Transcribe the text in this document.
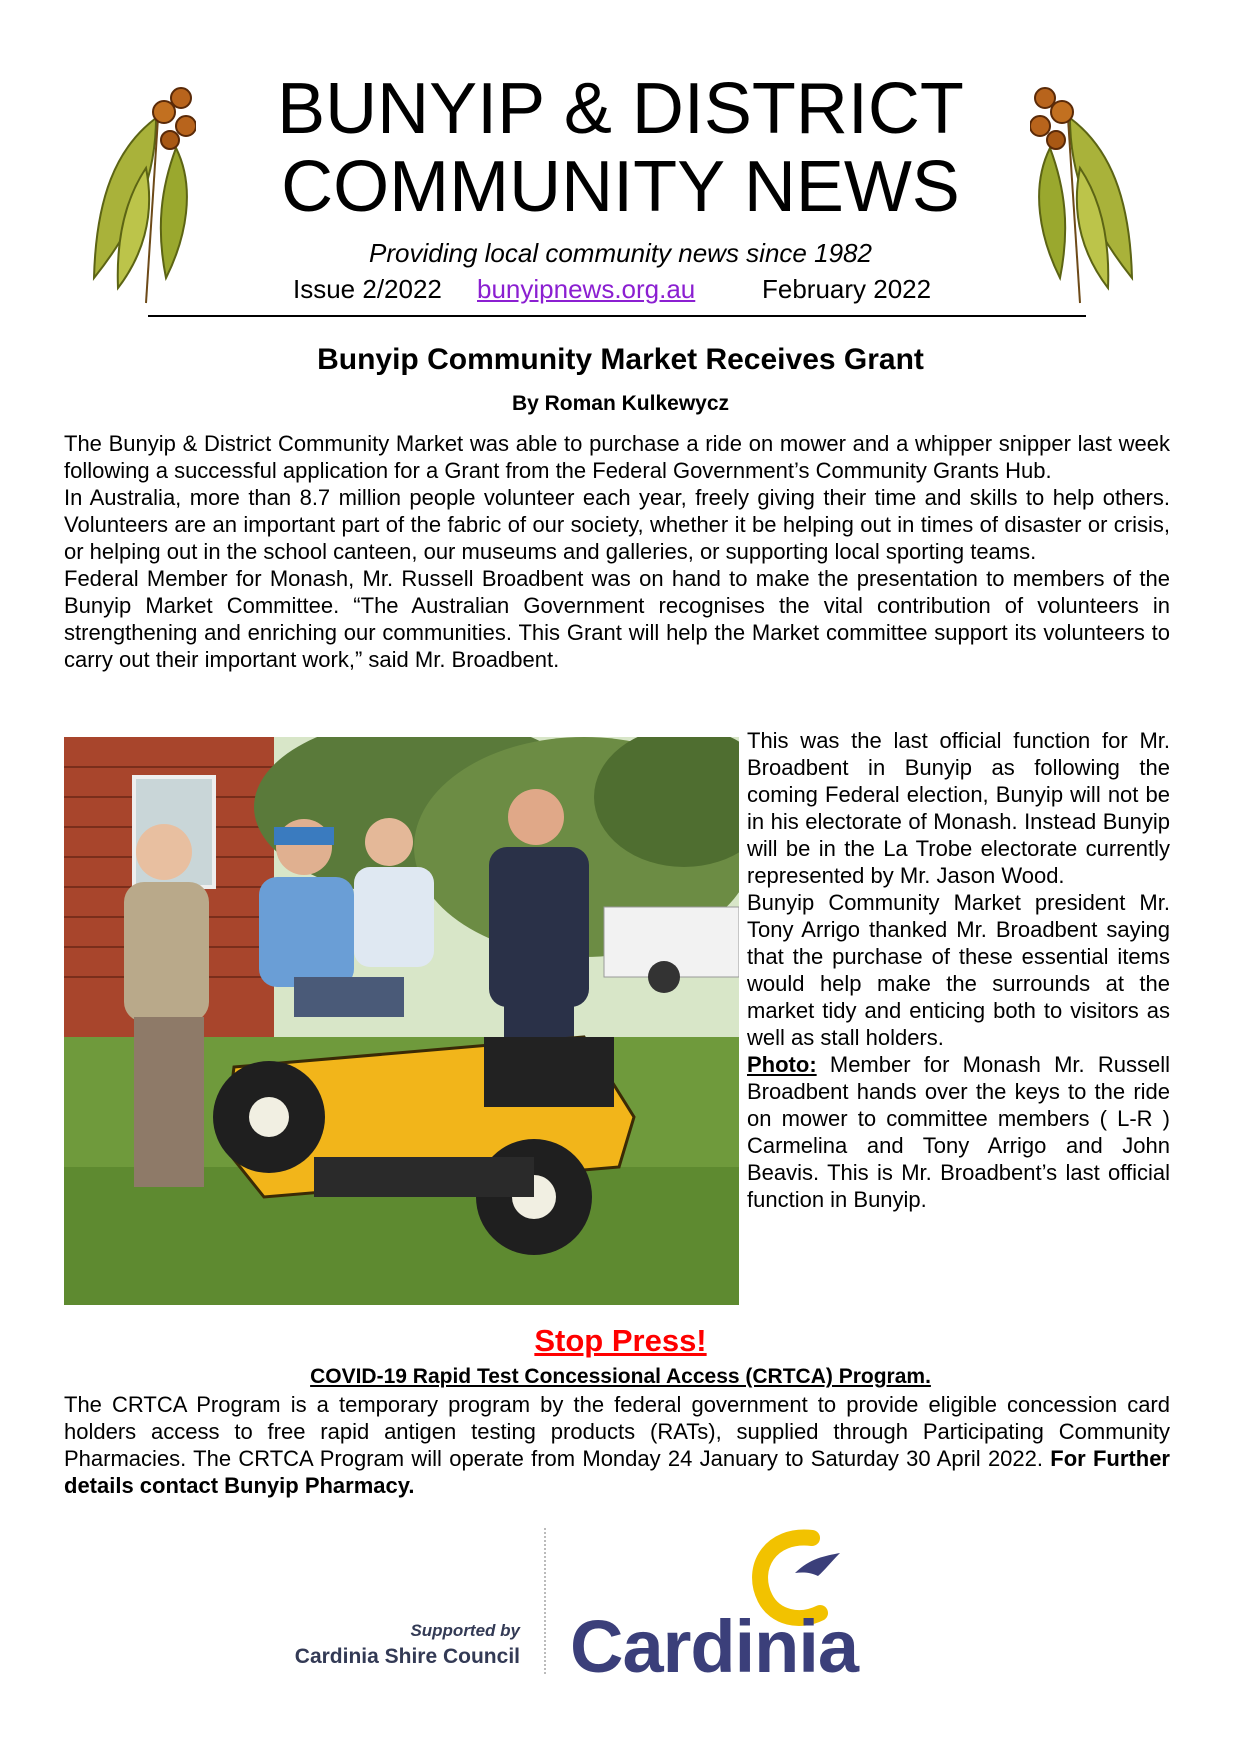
BUNYIP & DISTRICT
COMMUNITY NEWS
Providing local community news since 1982
Issue 2/2022 bunyipnews.org.au	February 2022
Bunyip Community Market Receives Grant
By Roman Kulkewycz

The Bunyip & District Community Market was able to purchase a ride on mower and a whipper snipper last week following a successful application for a Grant from the Federal Government’s Community Grants Hub.

In Australia, more than 8.7 million people volunteer each year, freely giving their time and skills to help others. Volunteers are an important part of the fabric of our society, whether it be helping out in times of disaster or crisis, or helping out in the school canteen, our museums and galleries, or supporting local sporting teams.

Federal Member for Monash, Mr. Russell Broadbent was on hand to make the presentation to members of the Bunyip Market Committee. “The Australian Government recognises the vital contribution of volunteers in strengthening and enriching our communities. This Grant will help the Market committee support its volunteers to carry out their important work,” said Mr. Broadbent.

This was the last official function for Mr. Broadbent in Bunyip as following the coming Federal election, Bunyip will not be in his electorate of Monash. Instead Bunyip will be in the La Trobe electorate currently represented by Mr. Jason Wood.

Bunyip Community Market president Mr. Tony Arrigo thanked Mr. Broadbent saying that the purchase of these essential items would help make the surrounds at the market tidy and enticing both to visitors as well as stall holders.

Photo: Member for Monash Mr. Russell Broadbent hands over the keys to the ride on mower to committee members ( L-R ) Carmelina and Tony Arrigo and John Beavis. This is Mr. Broadbent’s last official function in Bunyip.

Stop Press!
COVID-19 Rapid Test Concessional Access (CRTCA) Program.

The CRTCA Program is a temporary program by the federal government to provide eligible concession card holders access to free rapid antigen testing products (RATs), supplied through Participating Community Pharmacies. The CRTCA Program will operate from Monday 24 January to Saturday 30 April 2022. For Further details contact Bunyip Pharmacy.

Supported by
Cardinia Shire Council Cardinia
